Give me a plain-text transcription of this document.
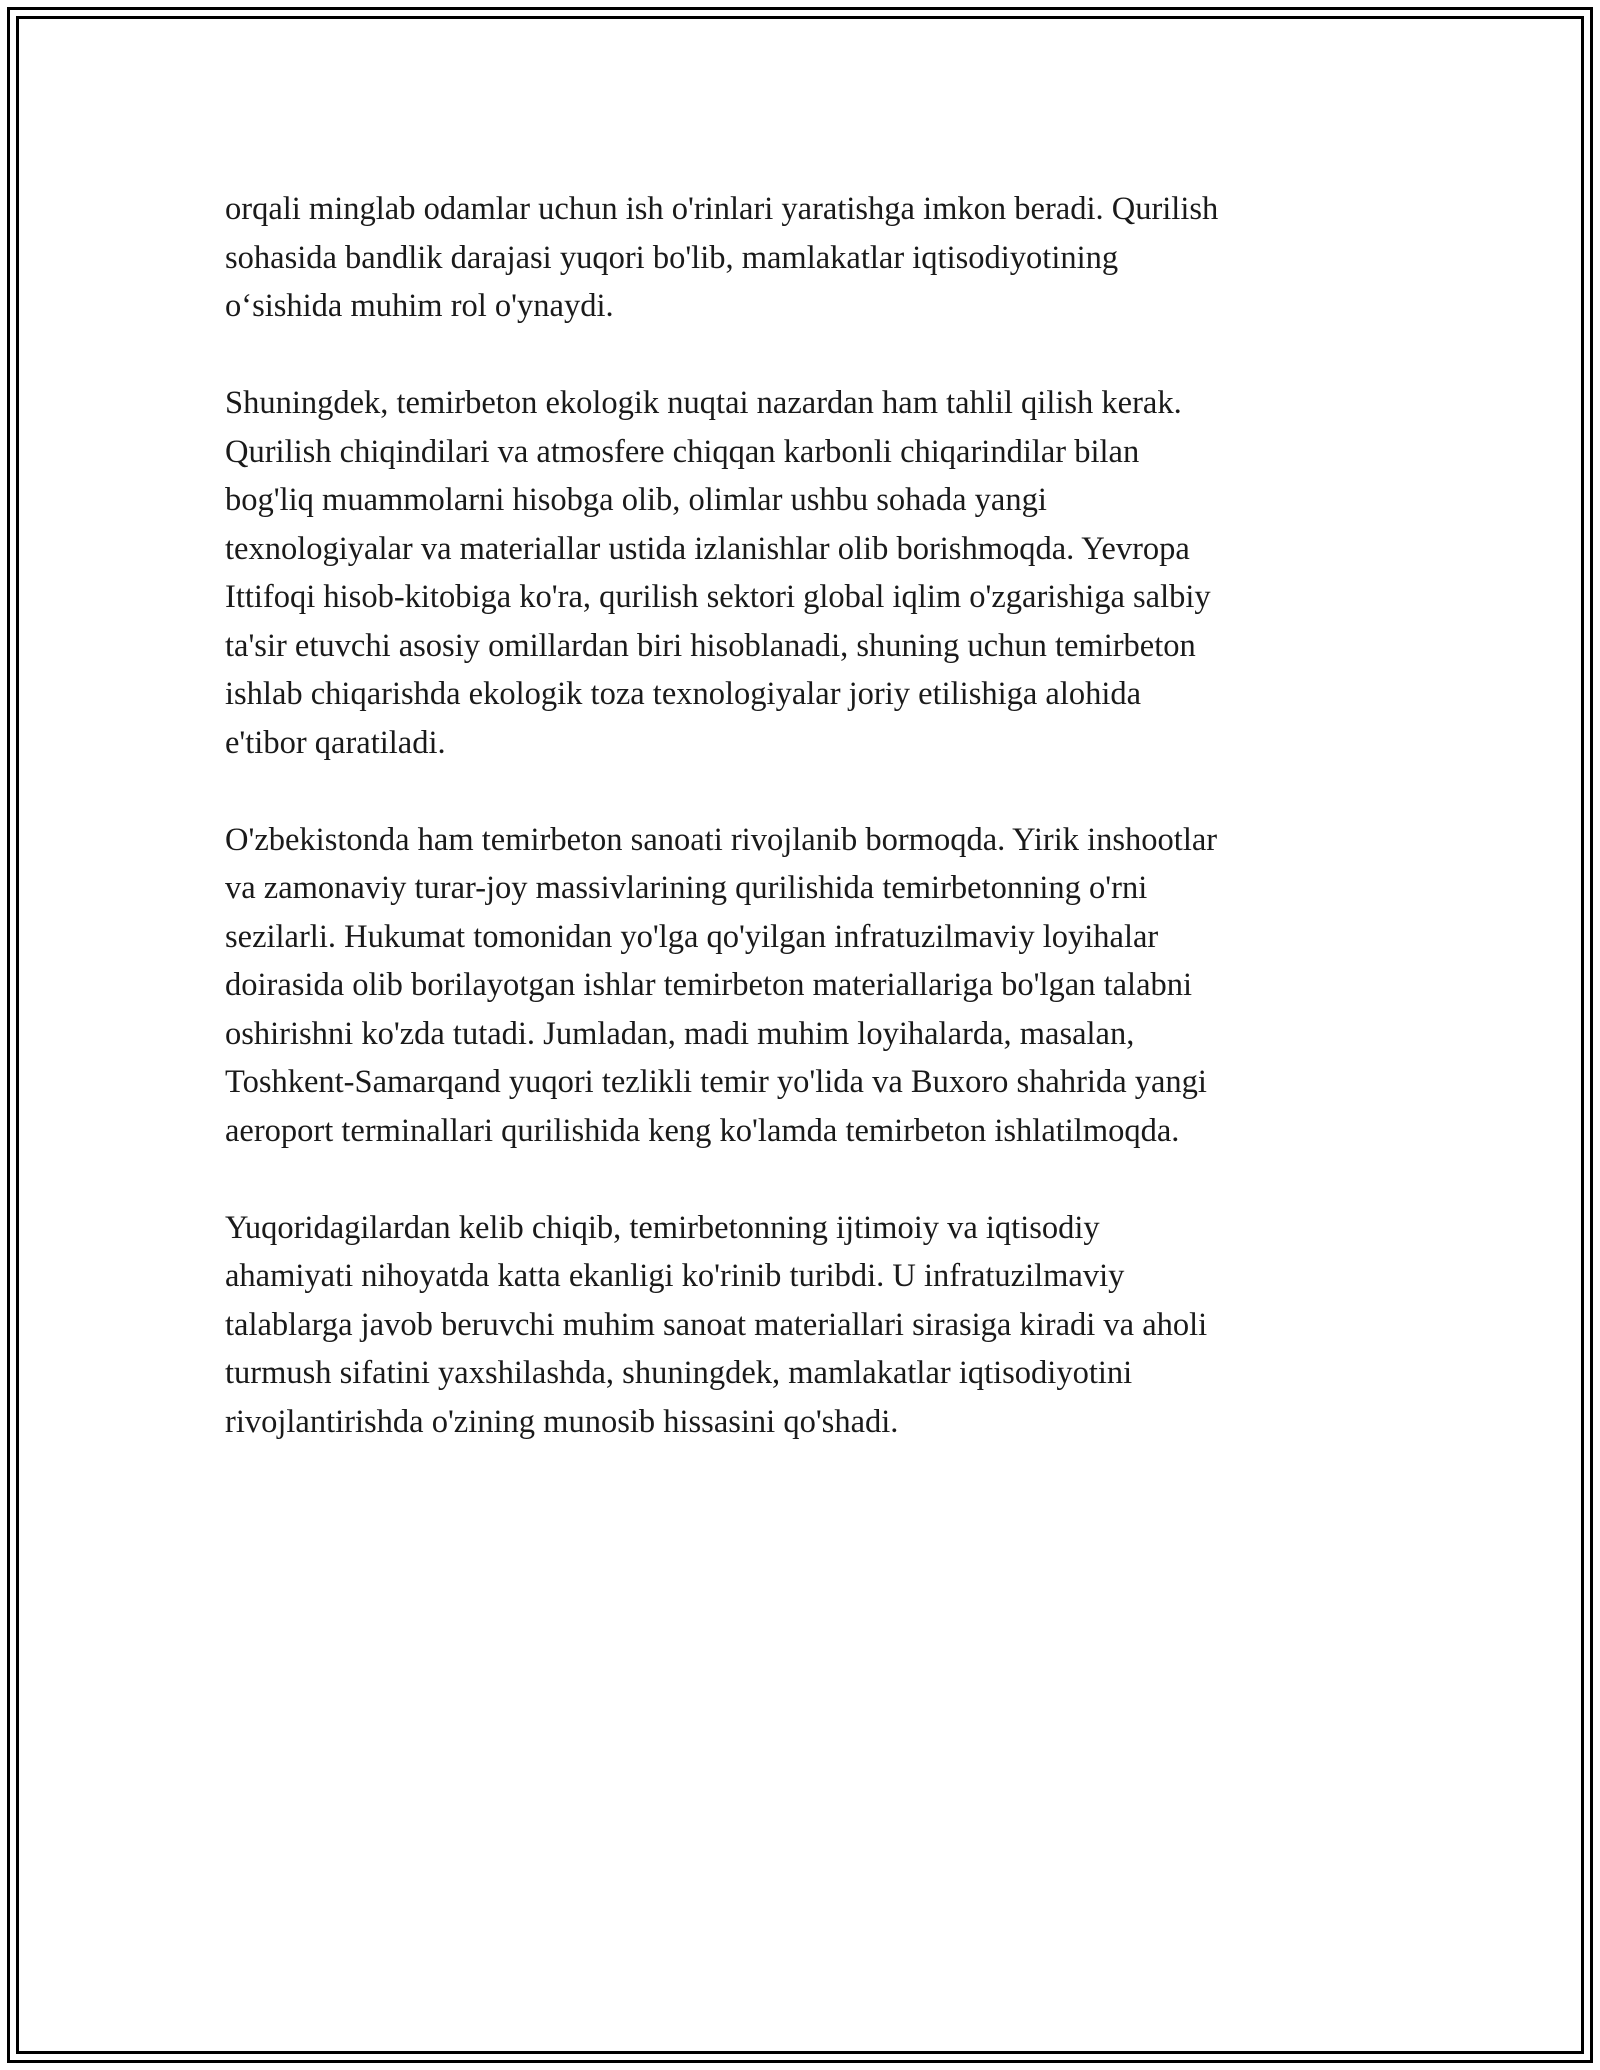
orqali minglab odamlar uchun ish o'rinlari yaratishga imkon beradi. Qurilish
sohasida bandlik darajasi yuqori bo'lib, mamlakatlar iqtisodiyotining
o‘sishida muhim rol o'ynaydi.

Shuningdek, temirbeton ekologik nuqtai nazardan ham tahlil qilish kerak.
Qurilish chiqindilari va atmosfere chiqqan karbonli chiqarindilar bilan
bog'liq muammolarni hisobga olib, olimlar ushbu sohada yangi
texnologiyalar va materiallar ustida izlanishlar olib borishmoqda. Yevropa
Ittifoqi hisob-kitobiga ko'ra, qurilish sektori global iqlim o'zgarishiga salbiy
ta'sir etuvchi asosiy omillardan biri hisoblanadi, shuning uchun temirbeton
ishlab chiqarishda ekologik toza texnologiyalar joriy etilishiga alohida
e'tibor qaratiladi.

O'zbekistonda ham temirbeton sanoati rivojlanib bormoqda. Yirik inshootlar
va zamonaviy turar-joy massivlarining qurilishida temirbetonning o'rni
sezilarli. Hukumat tomonidan yo'lga qo'yilgan infratuzilmaviy loyihalar
doirasida olib borilayotgan ishlar temirbeton materiallariga bo'lgan talabni
oshirishni ko'zda tutadi. Jumladan, madi muhim loyihalarda, masalan,
Toshkent-Samarqand yuqori tezlikli temir yo'lida va Buxoro shahrida yangi
aeroport terminallari qurilishida keng ko'lamda temirbeton ishlatilmoqda.

Yuqoridagilardan kelib chiqib, temirbetonning ijtimoiy va iqtisodiy
ahamiyati nihoyatda katta ekanligi ko'rinib turibdi. U infratuzilmaviy
talablarga javob beruvchi muhim sanoat materiallari sirasiga kiradi va aholi
turmush sifatini yaxshilashda, shuningdek, mamlakatlar iqtisodiyotini
rivojlantirishda o'zining munosib hissasini qo'shadi.
